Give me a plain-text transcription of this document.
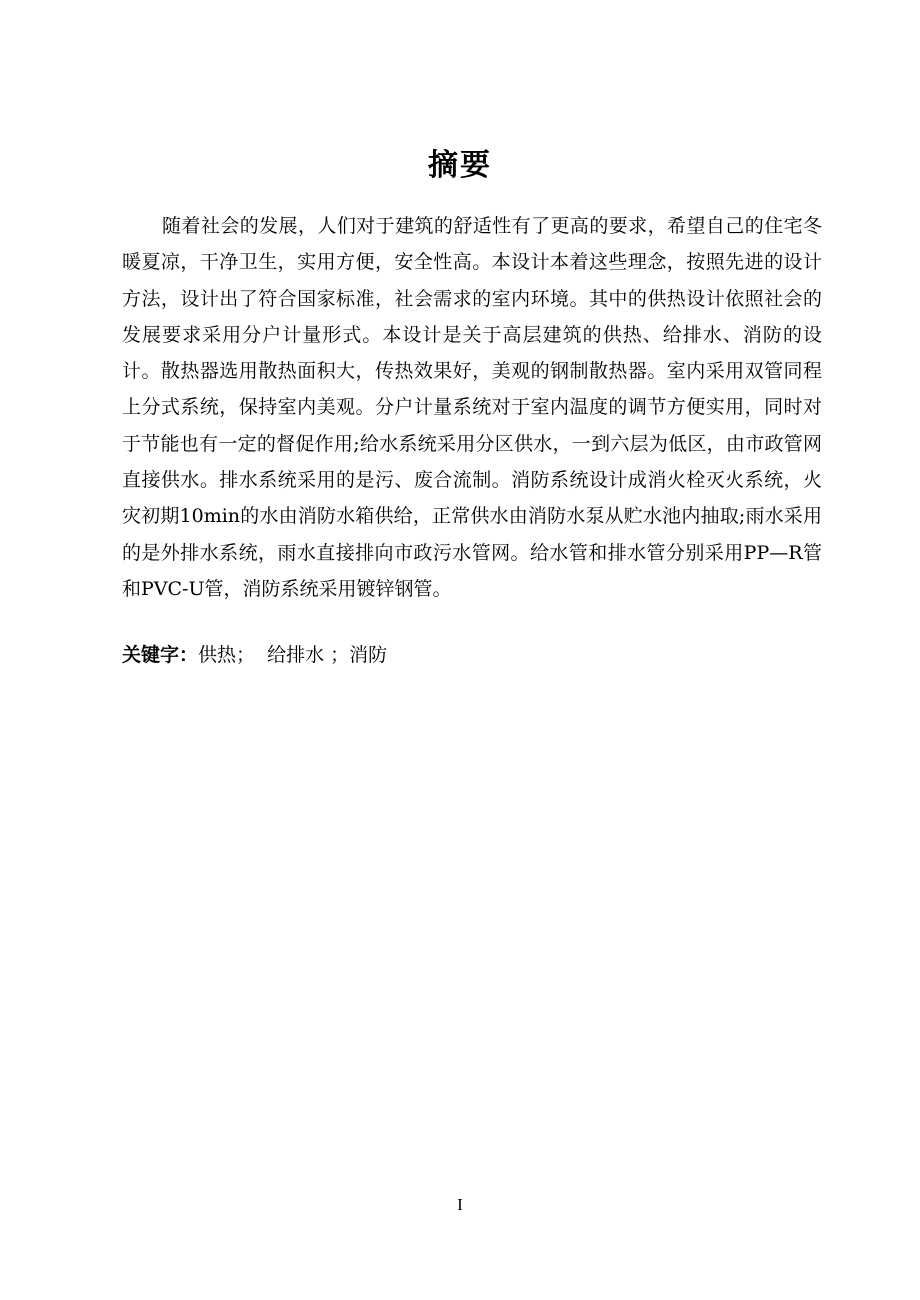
摘要

随着社会的发展，人们对于建筑的舒适性有了更高的要求，希望自己的住宅冬暖夏凉，干净卫生，实用方便，安全性高。本设计本着这些理念，按照先进的设计方法，设计出了符合国家标准，社会需求的室内环境。其中的供热设计依照社会的发展要求采用分户计量形式。本设计是关于高层建筑的供热、给排水、消防的设计。散热器选用散热面积大，传热效果好，美观的钢制散热器。室内采用双管同程上分式系统，保持室内美观。分户计量系统对于室内温度的调节方便实用，同时对于节能也有一定的督促作用;给水系统采用分区供水，一到六层为低区，由市政管网直接供水。排水系统采用的是污、废合流制。消防系统设计成消火栓灭火系统，火灾初期10min的水由消防水箱供给，正常供水由消防水泵从贮水池内抽取;雨水采用的是外排水系统，雨水直接排向市政污水管网。给水管和排水管分别采用PP—R管和PVC-U管，消防系统采用镀锌钢管。

关键字：供热；  给排水 ；消防
I
